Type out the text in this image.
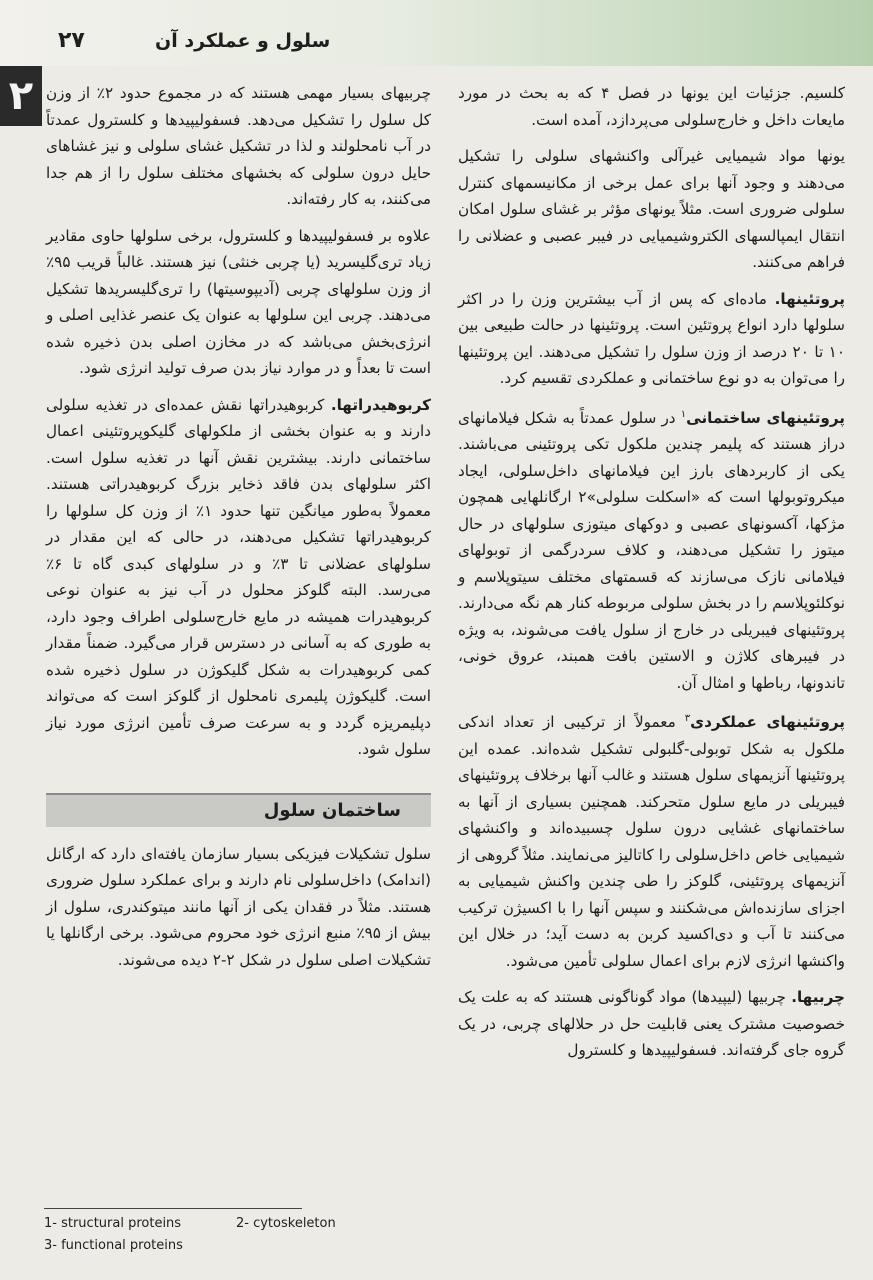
۲
۲۷	سلول و عملکرد آن

کلسیم. جزئیات این یونها در فصل ۴ که به بحث در مورد مایعات داخل و خارج‌سلولی می‌پردازد، آمده است.

یونها مواد شیمیایی غیرآلی واکنشهای سلولی را تشکیل می‌دهند و وجود آنها برای عمل برخی از مکانیسمهای کنترل سلولی ضروری است. مثلاً یونهای مؤثر بر غشای سلول امکان انتقال ایمپالسهای الکتروشیمیایی در فیبر عصبی و عضلانی را فراهم می‌کنند.

پروتئینها. ماده‌ای که پس از آب بیشترین وزن را در اکثر سلولها دارد انواع پروتئین است. پروتئینها در حالت طبیعی بین ۱۰ تا ۲۰ درصد از وزن سلول را تشکیل می‌دهند. این پروتئینها را می‌توان به دو نوع ساختمانی و عملکردی تقسیم کرد.

پروتئینهای ساختمانی$^۱$ در سلول عمدتاً به شکل فیلامانهای دراز هستند که پلیمر چندین ملکول تکی پروتئینی می‌باشند. یکی از کاربردهای بارز این فیلامانهای داخل‌سلولی، ایجاد میکروتوبولها است که «اسکلت سلولی»۲ ارگانلهایی همچون مژکها، آکسونهای عصبی و دوکهای میتوزی سلولهای در حال میتوز را تشکیل می‌دهند، و کلاف سردرگمی از توبولهای فیلامانی نازک می‌سازند که قسمتهای مختلف سیتوپلاسم و نوکلئوپلاسم را در بخش سلولی مربوطه کنار هم نگه می‌دارند. پروتئینهای فیبریلی در خارج از سلول یافت می‌شوند، به ویژه در فیبرهای کلاژن و الاستین بافت همبند، عروق خونی، تاندونها، رباطها و امثال آن.

پروتئینهای عملکردی$^۳$ معمولاً از ترکیبی از تعداد اندکی ملکول به شکل توبولی-گلبولی تشکیل شده‌اند. عمده این پروتئینها آنزیمهای سلول هستند و غالب آنها برخلاف پروتئینهای فیبریلی در مایع سلول متحرکند. همچنین بسیاری از آنها به ساختمانهای غشایی درون سلول چسبیده‌اند و واکنشهای شیمیایی خاص داخل‌سلولی را کاتالیز می‌نمایند. مثلاً گروهی از آنزیمهای پروتئینی، گلوکز را طی چندین واکنش شیمیایی به اجزای سازنده‌اش می‌شکنند و سپس آنها را با اکسیژن ترکیب می‌کنند تا آب و دی‌اکسید کربن به دست آید؛ در خلال این واکنشها انرژی لازم برای اعمال سلولی تأمین می‌شود.

چربیها. چربیها (لیپیدها) مواد گوناگونی هستند که به علت یک خصوصیت مشترک یعنی قابلیت حل در حلالهای چربی، در یک گروه جای گرفته‌اند. فسفولیپیدها و کلسترول

چربیهای بسیار مهمی هستند که در مجموع حدود ۲٪ از وزن کل سلول را تشکیل می‌دهد. فسفولیپیدها و کلسترول عمدتاً در آب نامحلولند و لذا در تشکیل غشای سلولی و نیز غشاهای حایل درون سلولی که بخشهای مختلف سلول را از هم جدا می‌کنند، به کار رفته‌اند.

علاوه بر فسفولیپیدها و کلسترول، برخی سلولها حاوی مقادیر زیاد تری‌گلیسرید (یا چربی خنثی) نیز هستند. غالباً قریب ۹۵٪ از وزن سلولهای چربی (آدیپوسیتها) را تری‌گلیسریدها تشکیل می‌دهند. چربی این سلولها به عنوان یک عنصر غذایی اصلی و انرژی‌بخش می‌باشد که در مخازن اصلی بدن ذخیره شده است تا بعداً و در موارد نیاز بدن صرف تولید انرژی شود.

کربوهیدراتها. کربوهیدراتها نقش عمده‌ای در تغذیه سلولی دارند و به عنوان بخشی از ملکولهای گلیکوپروتئینی اعمال ساختمانی دارند. بیشترین نقش آنها در تغذیه سلول است. اکثر سلولهای بدن فاقد ذخایر بزرگ کربوهیدراتی هستند. معمولاً به‌طور میانگین تنها حدود ۱٪ از وزن کل سلولها را کربوهیدراتها تشکیل می‌دهند، در حالی که این مقدار در سلولهای عضلانی تا ۳٪ و در سلولهای کبدی گاه تا ۶٪ می‌رسد. البته گلوکز محلول در آب نیز به عنوان نوعی کربوهیدرات همیشه در مایع خارج‌سلولی اطراف وجود دارد، به طوری که به آسانی در دسترس قرار می‌گیرد. ضمناً مقدار کمی کربوهیدرات به شکل گلیکوژن در سلول ذخیره شده است. گلیکوژن پلیمری نامحلول از گلوکز است که می‌تواند دپلیمریزه گردد و به سرعت صرف تأمین انرژی مورد نیاز سلول شود.

ساختمان سلول

سلول تشکیلات فیزیکی بسیار سازمان یافته‌ای دارد که ارگانل (اندامک) داخل‌سلولی نام دارند و برای عملکرد سلول ضروری هستند. مثلاً در فقدان یکی از آنها مانند میتوکندری، سلول از بیش از ۹۵٪ منبع انرژی خود محروم می‌شود. برخی ارگانلها یا تشکیلات اصلی سلول در شکل ۲-۲ دیده می‌شوند.

1- structural proteins	2- cytoskeleton
3- functional proteins
